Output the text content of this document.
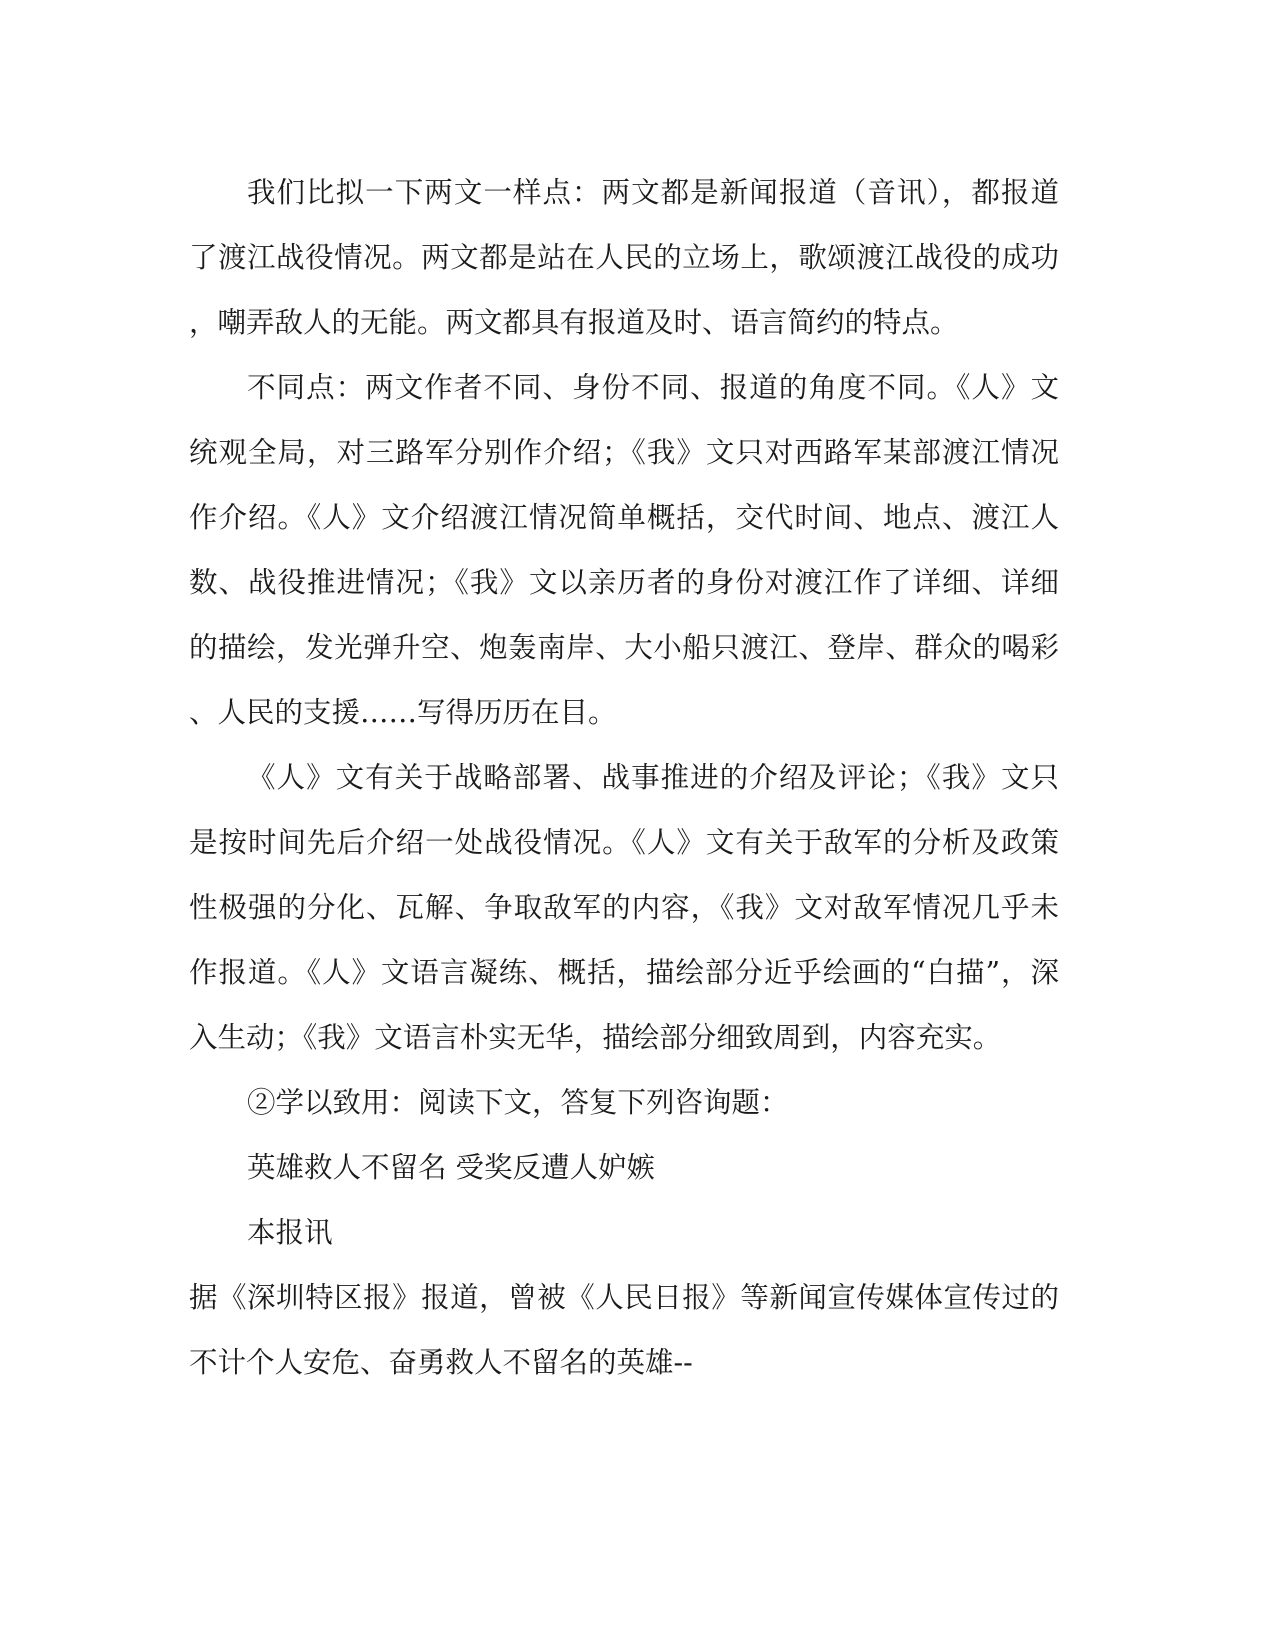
我们比拟一下两文一样点：两文都是新闻报道（音讯），都报道
了渡江战役情况。两文都是站在人民的立场上，歌颂渡江战役的成功
，嘲弄敌人的无能。两文都具有报道及时、语言简约的特点。
不同点：两文作者不同、身份不同、报道的角度不同。《人》文
统观全局，对三路军分别作介绍；《我》文只对西路军某部渡江情况
作介绍。《人》文介绍渡江情况简单概括，交代时间、地点、渡江人
数、战役推进情况；《我》文以亲历者的身份对渡江作了详细、详细
的描绘，发光弹升空、炮轰南岸、大小船只渡江、登岸、群众的喝彩
、人民的支援……写得历历在目。
《人》文有关于战略部署、战事推进的介绍及评论；《我》文只
是按时间先后介绍一处战役情况。《人》文有关于敌军的分析及政策
性极强的分化、瓦解、争取敌军的内容，《我》文对敌军情况几乎未
作报道。《人》文语言凝练、概括，描绘部分近乎绘画的“白描”，深
入生动；《我》文语言朴实无华，描绘部分细致周到，内容充实。
②学以致用：阅读下文，答复下列咨询题：
英雄救人不留名 受奖反遭人妒嫉
本报讯
据《深圳特区报》报道，曾被《人民日报》等新闻宣传媒体宣传过的
不计个人安危、奋勇救人不留名的英雄--
